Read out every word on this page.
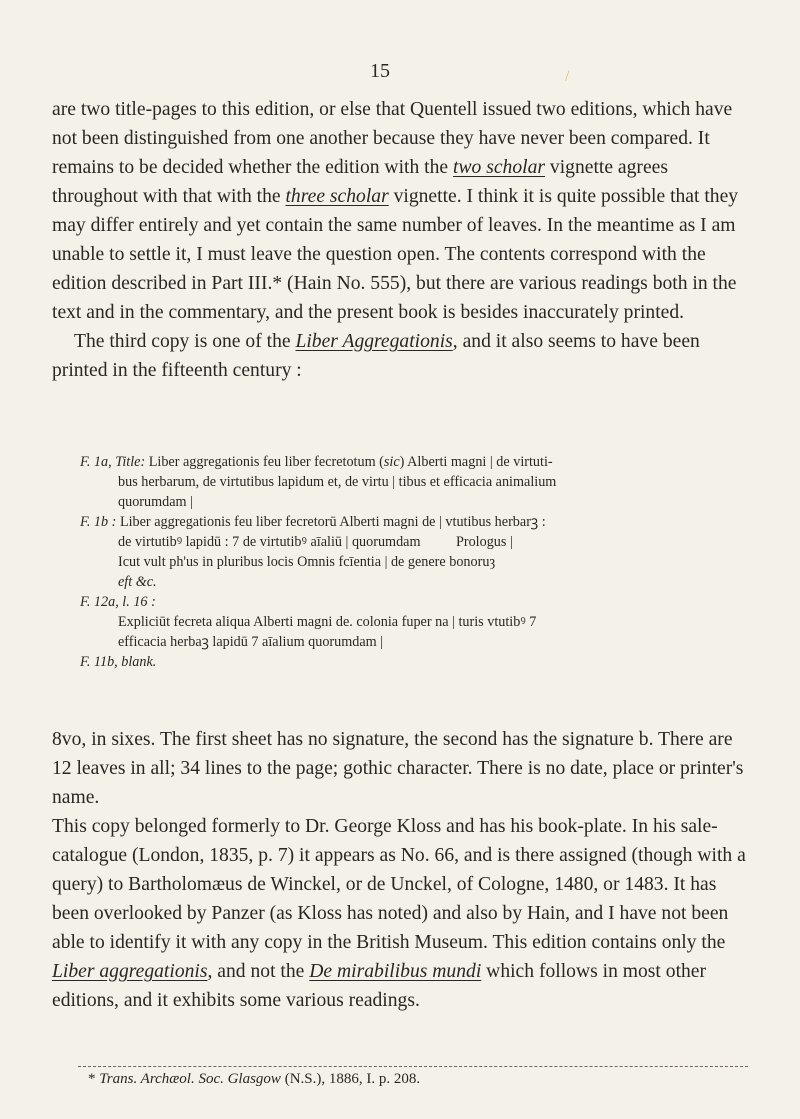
15	/

are two title-pages to this edition, or else that Quentell issued two editions, which have not been distinguished from one another because they have never been compared. It remains to be decided whether the edition with the two scholar vignette agrees throughout with that with the three scholar vignette. I think it is quite possible that they may differ entirely and yet contain the same number of leaves. In the meantime as I am unable to settle it, I must leave the question open. The contents correspond with the edition described in Part III.* (Hain No. 555), but there are various readings both in the text and in the commentary, and the present book is besides inaccurately printed.

The third copy is one of the Liber Aggregationis, and it also seems to have been printed in the fifteenth century :

F. 1a, Title: Liber aggregationis feu liber fecretotum (sic) Alberti magni | de virtuti-

bus herbarum, de virtutibus lapidum et, de virtu | tibus et efficacia animalium

quorumdam |

F. 1b : Liber aggregationis feu liber fecretorū Alberti magni de | vtutibus herbarꝫ :

de virtutibꝰ lapidū : 7 de virtutibꝰ aīaliū | quorumdam          Prologus |

Icut vult ph'us in pluribus locis Omnis fcīentia | de genere bonoruȝ

eft &c.

F. 12a, l. 16 :

Expliciūt fecreta aliqua Alberti magni de. colonia fuper na | turis vtutibꝰ 7

efficacia herbaꝫ lapidū 7 aīalium quorumdam |

F. 11b, blank.

8vo, in sixes. The first sheet has no signature, the second has the signature b. There are 12 leaves in all; 34 lines to the page; gothic character. There is no date, place or printer's name.

This copy belonged formerly to Dr. George Kloss and has his book-plate. In his sale-catalogue (London, 1835, p. 7) it appears as No. 66, and is there assigned (though with a query) to Bartholomæus de Winckel, or de Unckel, of Cologne, 1480, or 1483. It has been overlooked by Panzer (as Kloss has noted) and also by Hain, and I have not been able to identify it with any copy in the British Museum. This edition contains only the Liber aggregationis, and not the De mirabilibus mundi which follows in most other editions, and it exhibits some various readings.

* Trans. Archæol. Soc. Glasgow (N.S.), 1886, I. p. 208.
